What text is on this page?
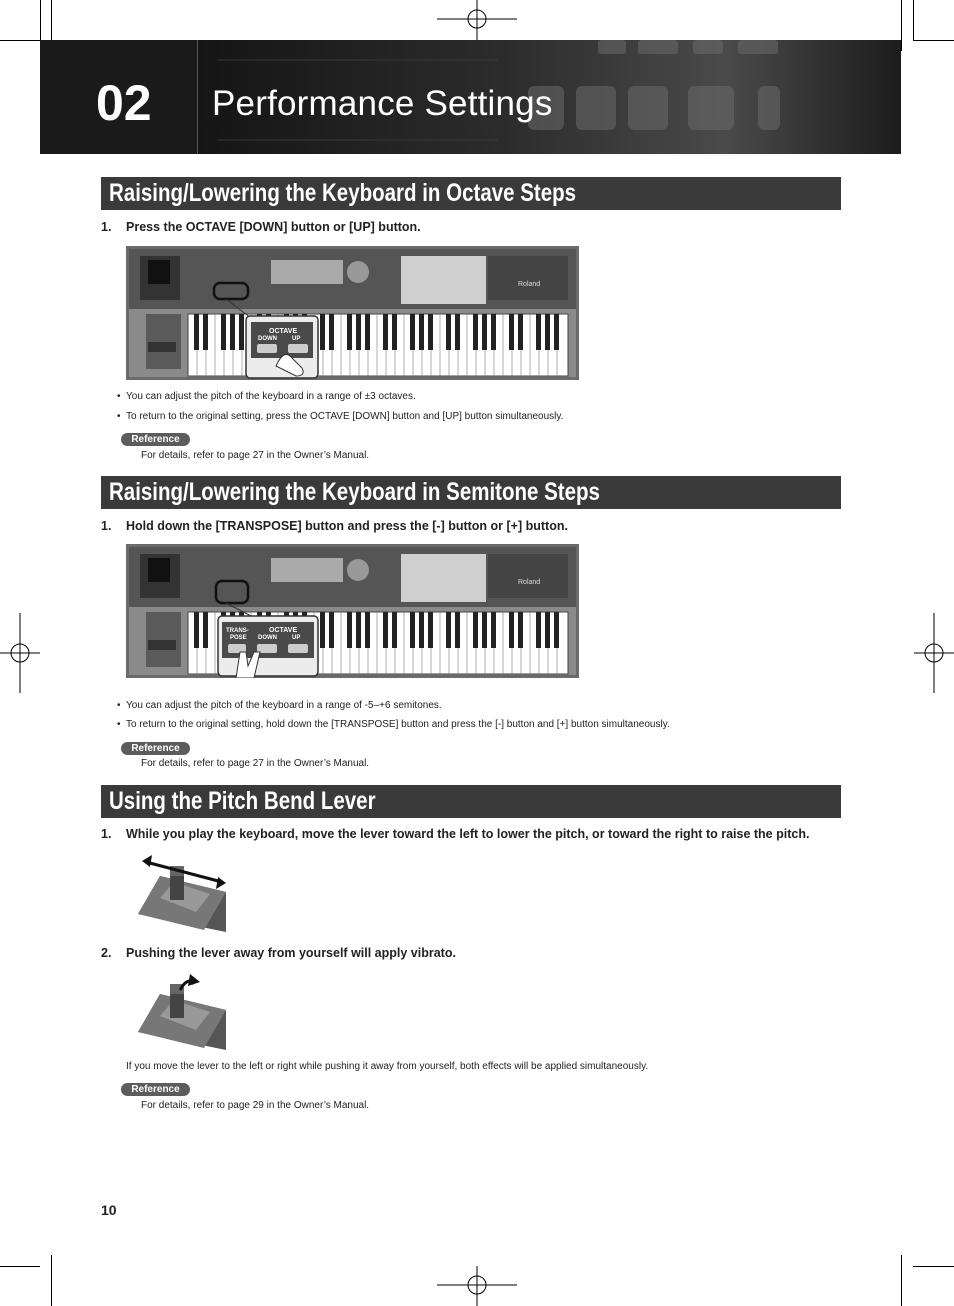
02 Performance Settings
Raising/Lowering the Keyboard in Octave Steps
1. Press the OCTAVE [DOWN] button or [UP] button.
Roland
OCTAVE
DOWN	UP
• You can adjust the pitch of the keyboard in a range of ±3 octaves.
• To return to the original setting, press the OCTAVE [DOWN] button and [UP] button simultaneously.
Reference
For details, refer to page 27 in the Owner’s Manual.
Raising/Lowering the Keyboard in Semitone Steps
1. Hold down the [TRANSPOSE] button and press the [-] button or [+] button.
Roland
TRANS-
POSE
OCTAVE
DOWN	UP
• You can adjust the pitch of the keyboard in a range of -5–+6 semitones.
• To return to the original setting, hold down the [TRANSPOSE] button and press the [-] button and [+] button simultaneously.
Reference
For details, refer to page 27 in the Owner’s Manual.
Using the Pitch Bend Lever
1. While you play the keyboard, move the lever toward the left to lower the pitch, or toward the right to raise the pitch.
2. Pushing the lever away from yourself will apply vibrato.
If you move the lever to the left or right while pushing it away from yourself, both effects will be applied simultaneously.
Reference
For details, refer to page 29 in the Owner’s Manual.
10
